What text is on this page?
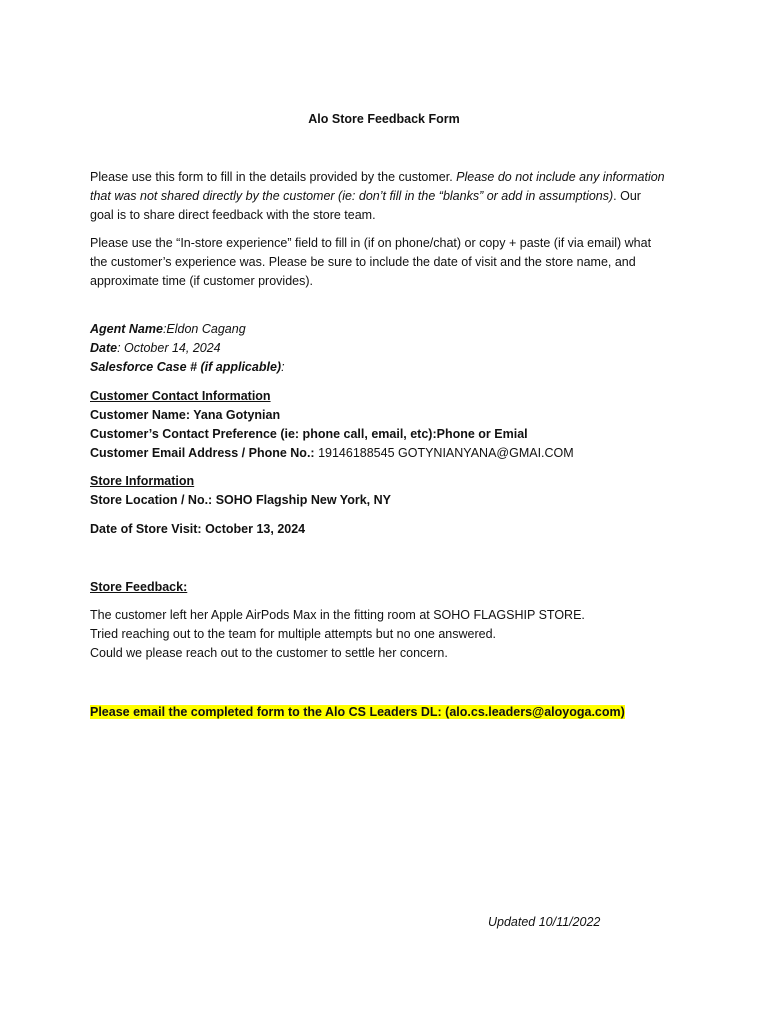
Alo Store Feedback Form
Please use this form to fill in the details provided by the customer. Please do not include any information
that was not shared directly by the customer (ie: don’t fill in the “blanks” or add in assumptions). Our
goal is to share direct feedback with the store team.
Please use the “In-store experience” field to fill in (if on phone/chat) or copy + paste (if via email) what
the customer’s experience was. Please be sure to include the date of visit and the store name, and
approximate time (if customer provides).
Agent Name:Eldon Cagang
Date: October 14, 2024
Salesforce Case # (if applicable):
Customer Contact Information
Customer Name: Yana Gotynian
Customer’s Contact Preference (ie: phone call, email, etc):Phone or Emial
Customer Email Address / Phone No.: 19146188545 GOTYNIANYANA@GMAI.COM
Store Information
Store Location / No.: SOHO Flagship New York, NY
Date of Store Visit: October 13, 2024
Store Feedback:
The customer left her Apple AirPods Max in the fitting room at SOHO FLAGSHIP STORE.
Tried reaching out to the team for multiple attempts but no one answered.
Could we please reach out to the customer to settle her concern.
Please email the completed form to the Alo CS Leaders DL: (alo.cs.leaders@aloyoga.com)
Updated 10/11/2022
